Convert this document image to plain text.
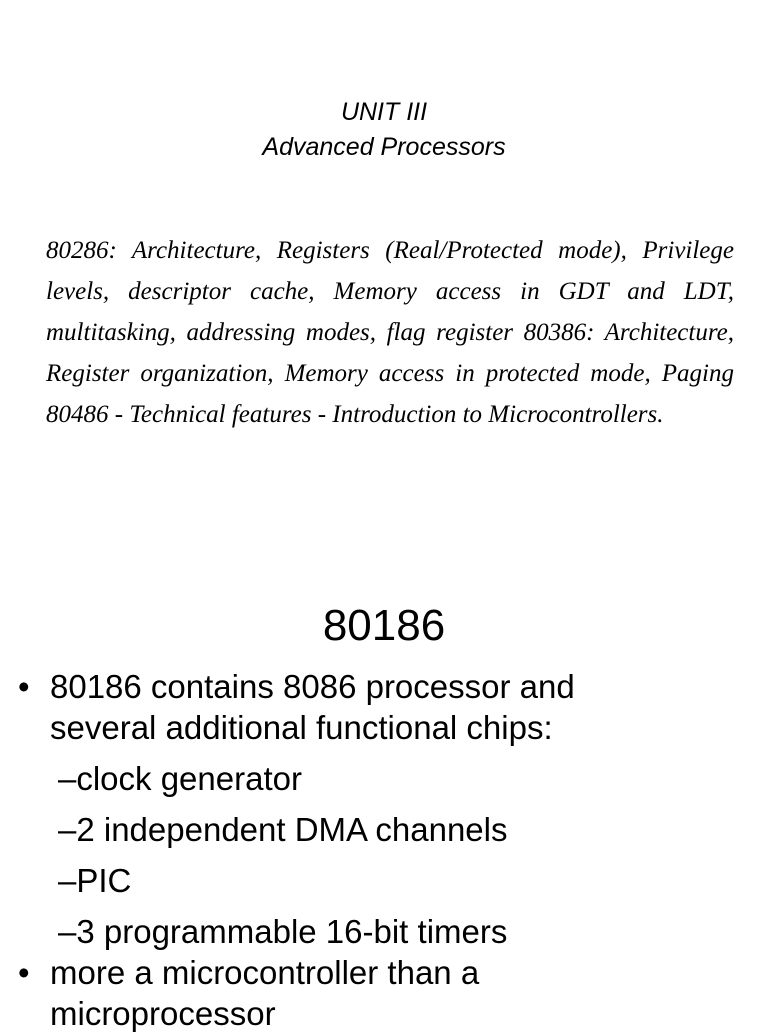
UNIT III
Advanced Processors
80286: Architecture, Registers (Real/Protected mode), Privilege levels, descriptor cache, Memory access in GDT and LDT, multitasking, addressing modes, flag register 80386: Architecture, Register organization, Memory access in protected mode, Paging 80486 - Technical features - Introduction to Microcontrollers.
80186
• 80186 contains 8086 processor and several additional functional chips:
–clock generator
–2 independent DMA channels
–PIC
–3 programmable 16-bit timers
• more a microcontroller than a microprocessor
